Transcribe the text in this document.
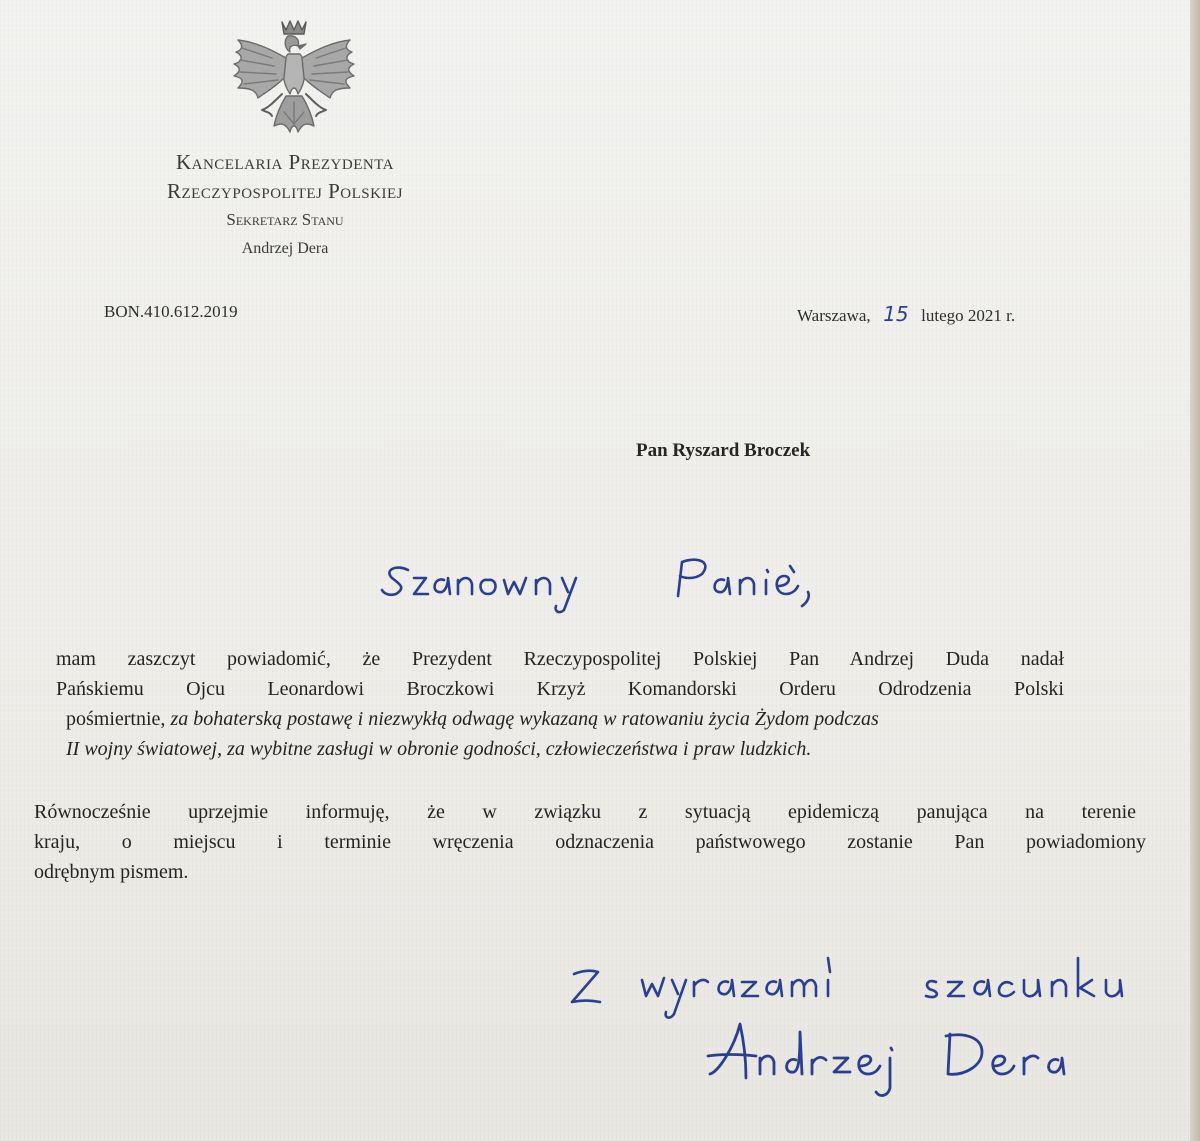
Kancelaria Prezydenta
Rzeczypospolitej Polskiej
Sekretarz Stanu
Andrzej Dera
BON.410.612.2019	Warszawa, 15 lutego 2021 r.
Pan Ryszard Broczek
mam zaszczyt powiadomić, że Prezydent Rzeczypospolitej Polskiej Pan Andrzej Duda nadał
Pańskiemu Ojcu Leonardowi Broczkowi Krzyż Komandorski Orderu Odrodzenia Polski
pośmiertnie, za bohaterską postawę i niezwykłą odwagę wykazaną w ratowaniu życia Żydom podczas
II wojny światowej, za wybitne zasługi w obronie godności, człowieczeństwa i praw ludzkich.
Równocześnie uprzejmie informuję, że w związku z sytuacją epidemiczą panująca na terenie
kraju, o miejscu i terminie wręczenia odznaczenia państwowego zostanie Pan powiadomiony
odrębnym pismem.
